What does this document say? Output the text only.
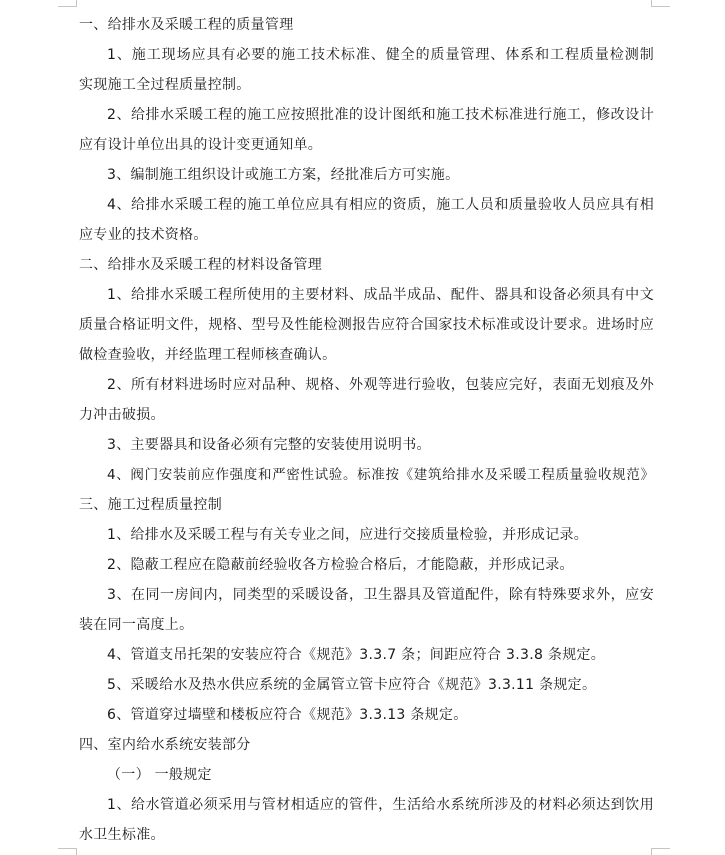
一、给排水及采暖工程的质量管理
1、施工现场应具有必要的施工技术标准、健全的质量管理、体系和工程质量检测制
实现施工全过程质量控制。
2、给排水采暖工程的施工应按照批准的设计图纸和施工技术标准进行施工，修改设计
应有设计单位出具的设计变更通知单。
3、编制施工组织设计或施工方案，经批准后方可实施。
4、给排水采暖工程的施工单位应具有相应的资质，施工人员和质量验收人员应具有相
应专业的技术资格。
二、给排水及采暖工程的材料设备管理
1、给排水采暖工程所使用的主要材料、成品半成品、配件、器具和设备必须具有中文
质量合格证明文件，规格、型号及性能检测报告应符合国家技术标准或设计要求。进场时应
做检查验收，并经监理工程师核查确认。
2、所有材料进场时应对品种、规格、外观等进行验收，包装应完好，表面无划痕及外
力冲击破损。
3、主要器具和设备必须有完整的安装使用说明书。
4、阀门安装前应作强度和严密性试验。标准按《建筑给排水及采暖工程质量验收规范》
三、施工过程质量控制
1、给排水及采暖工程与有关专业之间，应进行交接质量检验，并形成记录。
2、隐蔽工程应在隐蔽前经验收各方检验合格后，才能隐蔽，并形成记录。
3、在同一房间内，同类型的采暖设备，卫生器具及管道配件，除有特殊要求外，应安
装在同一高度上。
4、管道支吊托架的安装应符合《规范》3.3.7 条；间距应符合 3.3.8 条规定。
5、采暖给水及热水供应系统的金属管立管卡应符合《规范》3.3.11 条规定。
6、管道穿过墙壁和楼板应符合《规范》3.3.13 条规定。
四、室内给水系统安装部分
（一） 一般规定
1、给水管道必须采用与管材相适应的管件，生活给水系统所涉及的材料必须达到饮用
水卫生标准。
